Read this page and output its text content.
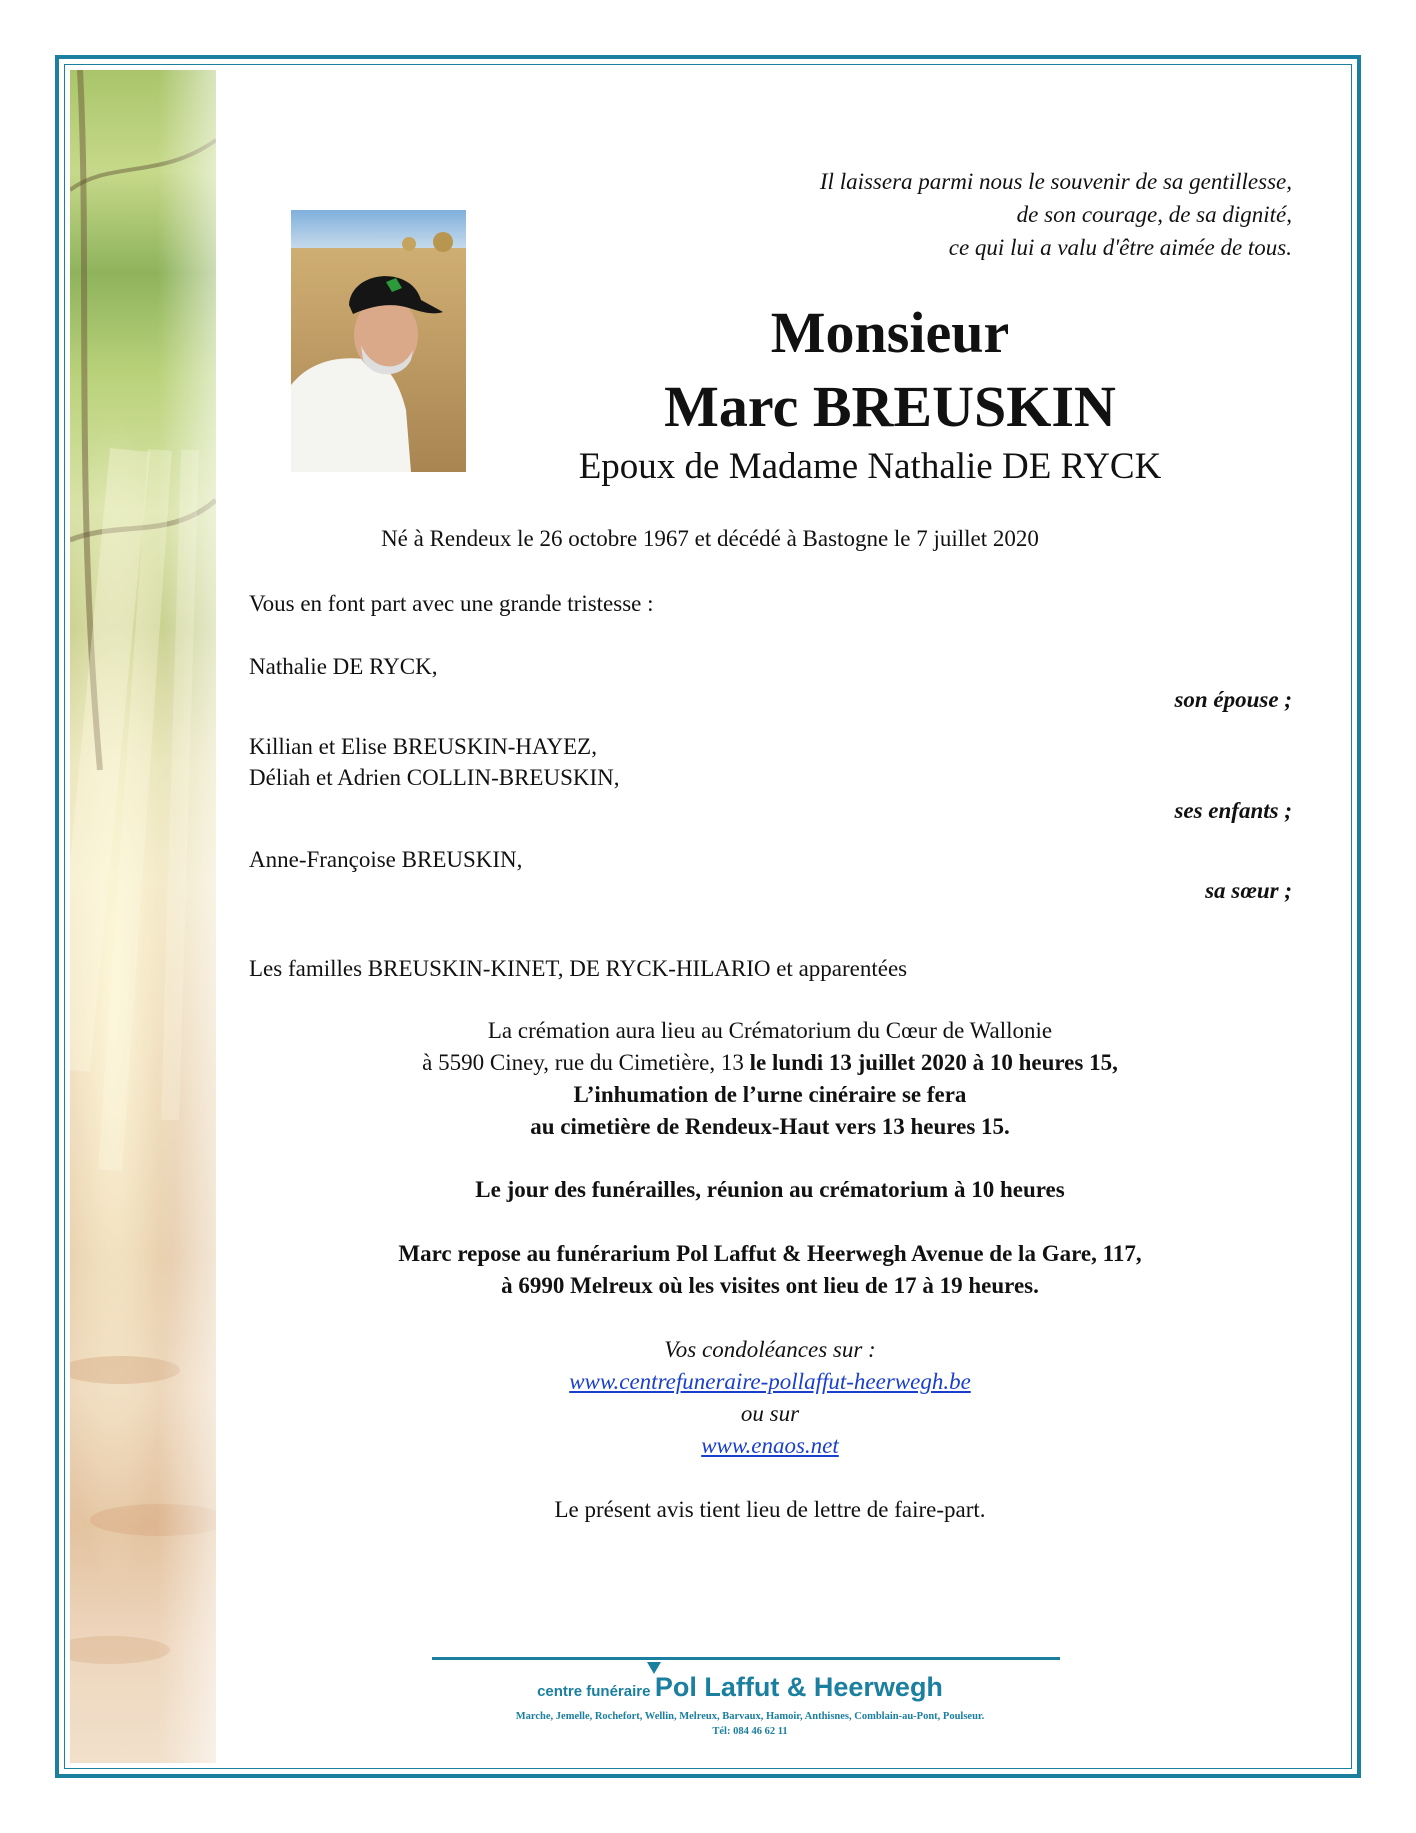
Il laissera parmi nous le souvenir de sa gentillesse,
de son courage, de sa dignité,
ce qui lui a valu d'être aimée de tous.
Monsieur
Marc BREUSKIN
Epoux de Madame Nathalie DE RYCK
Né à Rendeux le 26 octobre 1967 et décédé à Bastogne le 7 juillet 2020
Vous en font part avec une grande tristesse :
Nathalie DE RYCK,
son épouse ;
Killian et Elise BREUSKIN-HAYEZ,
Déliah et Adrien COLLIN-BREUSKIN,
ses enfants ;
Anne-Françoise BREUSKIN,
sa sœur ;
Les familles BREUSKIN-KINET, DE RYCK-HILARIO et apparentées
La crémation aura lieu au Crématorium du Cœur de Wallonie
à 5590 Ciney, rue du Cimetière, 13 le lundi 13 juillet 2020 à 10 heures 15,
L’inhumation de l’urne cinéraire se fera
au cimetière de Rendeux-Haut vers 13 heures 15.
Le jour des funérailles, réunion au crématorium à 10 heures
Marc repose au funérarium Pol Laffut & Heerwegh Avenue de la Gare, 117,
à 6990 Melreux où les visites ont lieu de 17 à 19 heures.
Vos condoléances sur :
www.centrefuneraire-pollaffut-heerwegh.be
ou sur
www.enaos.net
Le présent avis tient lieu de lettre de faire-part.
centre funéraire Pol Laffut & Heerwegh
Marche, Jemelle, Rochefort, Wellin, Melreux, Barvaux, Hamoir, Anthisnes, Comblain-au-Pont, Poulseur.
Tél: 084 46 62 11
